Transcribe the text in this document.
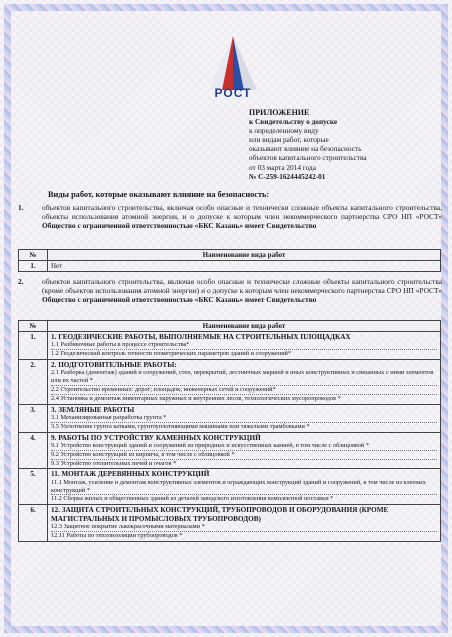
РОСТ
ПРИЛОЖЕНИЕ
к Свидетельству о допуске
к определенному виду
или видам работ, которые
оказывают влияние на безопасность
объектов капитального строительства
от 03 марта 2014 года
№ С-259-1624445242-01
Виды работ, которые оказывают влияние на безопасность:
1. объектов капитального строительства, включая особо опасные и технически сложные объекты капитального строительства, объекты использования атомной энергии, и о допуске к которым член некоммерческого партнерства СРО НП «РОСТ» Общество с ограниченной ответственностью «БКС Казань» имеет Свидетельство
№	Наименование вида работ
1.	Нет
2. объектов капитального строительства, включая особо опасные и технически сложные объекты капитального строительства (кроме объектов использования атомной энергии) и о допуске к которым член некоммерческого партнерства СРО НП «РОСТ» Общество с ограниченной ответственностью «БКС Казань» имеет Свидетельство
№	Наименование вида работ
1.	1. ГЕОДЕЗИЧЕСКИЕ РАБОТЫ, ВЫПОЛНЯЕМЫЕ НА СТРОИТЕЛЬНЫХ ПЛОЩАДКАХ
1.1 Разбивочные работы в процессе строительства*
1.2 Геодезический контроль точности геометрических параметров зданий и сооружений*

2.	2. ПОДГОТОВИТЕЛЬНЫЕ РАБОТЫ:
2.1 Разборка (демонтаж) зданий и сооружений, стен, перекрытий, лестничных маршей и иных конструктивных и связанных с ними элементов или их частей *
2.2 Строительство временных: дорог; площадок; инженерных сетей и сооружений*
2.4 Установка и демонтаж инвентарных наружных и внутренних лесов, технологических мусоропроводов *

3.	3. ЗЕМЛЯНЫЕ РАБОТЫ
3.1 Механизированная разработка грунта *
3.5 Уплотнение грунта катками, грунтоуплотняющими машинами или тяжелыми трамбовками *

4.	9. РАБОТЫ ПО УСТРОЙСТВУ КАМЕННЫХ КОНСТРУКЦИЙ
9.1 Устройство конструкций зданий и сооружений из природных и искусственных камней, в том числе с облицовкой *
9.2 Устройство конструкций из кирпича, в том числе с облицовкой *
9.3 Устройство отопительных печей и очагов *

5.	11. МОНТАЖ ДЕРЕВЯННЫХ КОНСТРУКЦИЙ
11.1 Монтаж, усиление и демонтаж конструктивных элементов и ограждающих конструкций зданий и сооружений, в том числе из клееных конструкций *
11.2 Сборка жилых и общественных зданий из деталей заводского изготовления комплектной поставки *

6.	12. ЗАЩИТА СТРОИТЕЛЬНЫХ КОНСТРУКЦИЙ, ТРУБОПРОВОДОВ И ОБОРУДОВАНИЯ (КРОМЕ МАГИСТРАЛЬНЫХ И ПРОМЫСЛОВЫХ ТРУБОПРОВОДОВ)
12.3 Защитное покрытие лакокрасочными материалами *
12.11 Работы по теплоизоляции трубопроводов *
